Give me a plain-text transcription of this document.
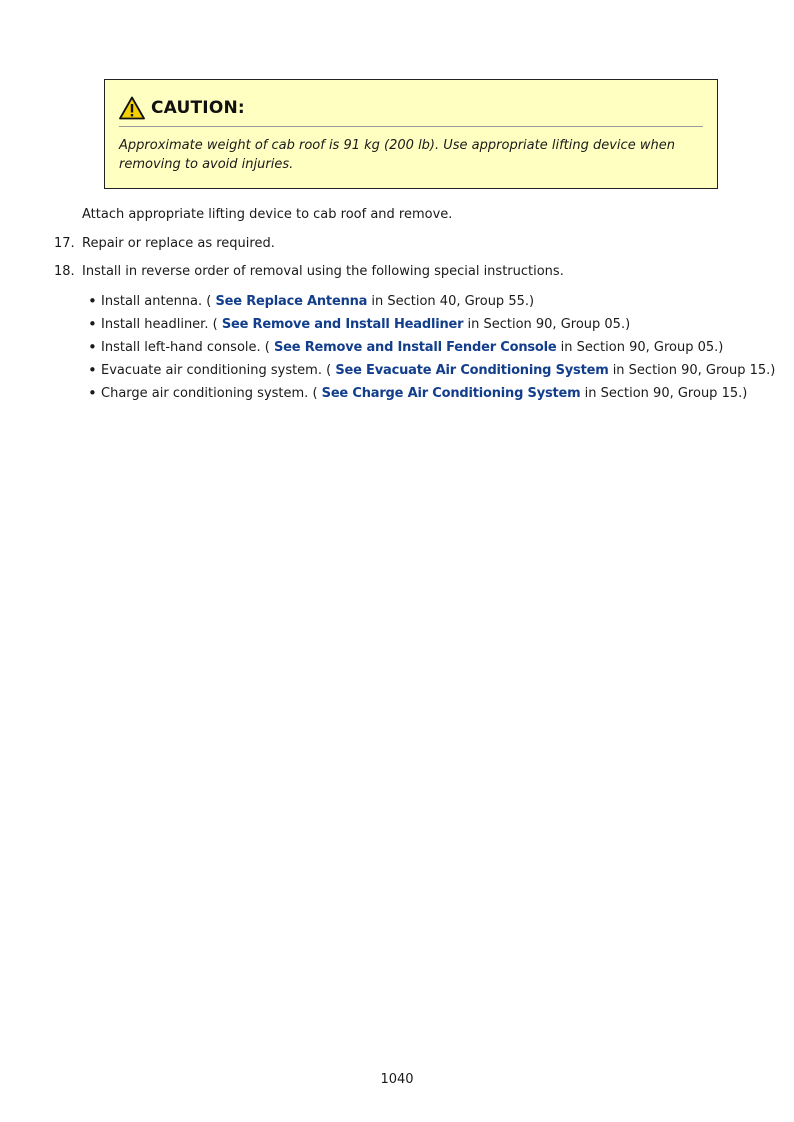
CAUTION:
Approximate weight of cab roof is 91 kg (200 lb). Use appropriate lifting device when removing to avoid injuries.
Attach appropriate lifting device to cab roof and remove.
17. Repair or replace as required.
18. Install in reverse order of removal using the following special instructions.
• Install antenna. ( See Replace Antenna in Section 40, Group 55.)
• Install headliner. ( See Remove and Install Headliner in Section 90, Group 05.)
• Install left-hand console. ( See Remove and Install Fender Console in Section 90, Group 05.)
• Evacuate air conditioning system. ( See Evacuate Air Conditioning System in Section 90, Group 15.)
• Charge air conditioning system. ( See Charge Air Conditioning System in Section 90, Group 15.)
1040
